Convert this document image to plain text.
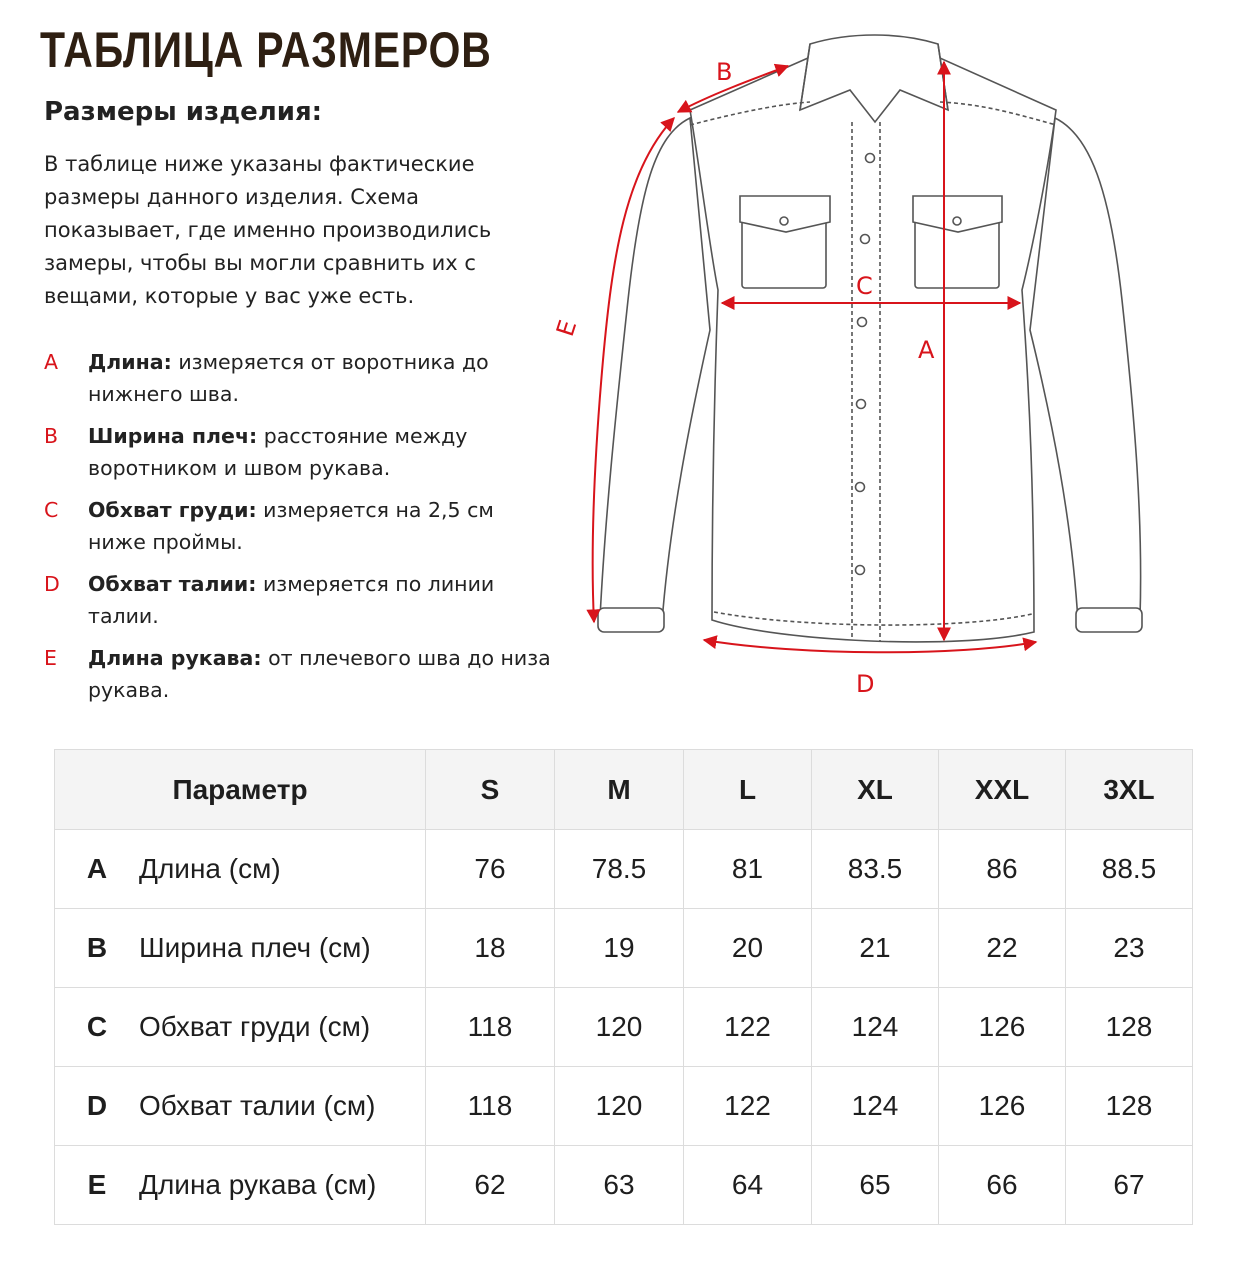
ТАБЛИЦА РАЗМЕРОВ
Размеры изделия:

В таблице ниже указаны фактические размеры данного изделия. Схема показывает, где именно производились замеры, чтобы вы могли сравнить их с вещами, которые у вас уже есть.

A Длина: измеряется от воротника до нижнего шва.
B Ширина плеч: расстояние между воротником и швом рукава.
C Обхват груди: измеряется на 2,5 см ниже проймы.
D Обхват талии: измеряется по линии талии.
E Длина рукава: от плечевого шва до низа рукава.
A
B
C
D
E
Параметр	S	M	L	XL	XXL	3XL
A Длина (см)	76	78.5	81	83.5	86	88.5
B Ширина плеч (см)	18	19	20	21	22	23
C Обхват груди (см)	118	120	122	124	126	128
D Обхват талии (см)	118	120	122	124	126	128
E Длина рукава (см)	62	63	64	65	66	67
